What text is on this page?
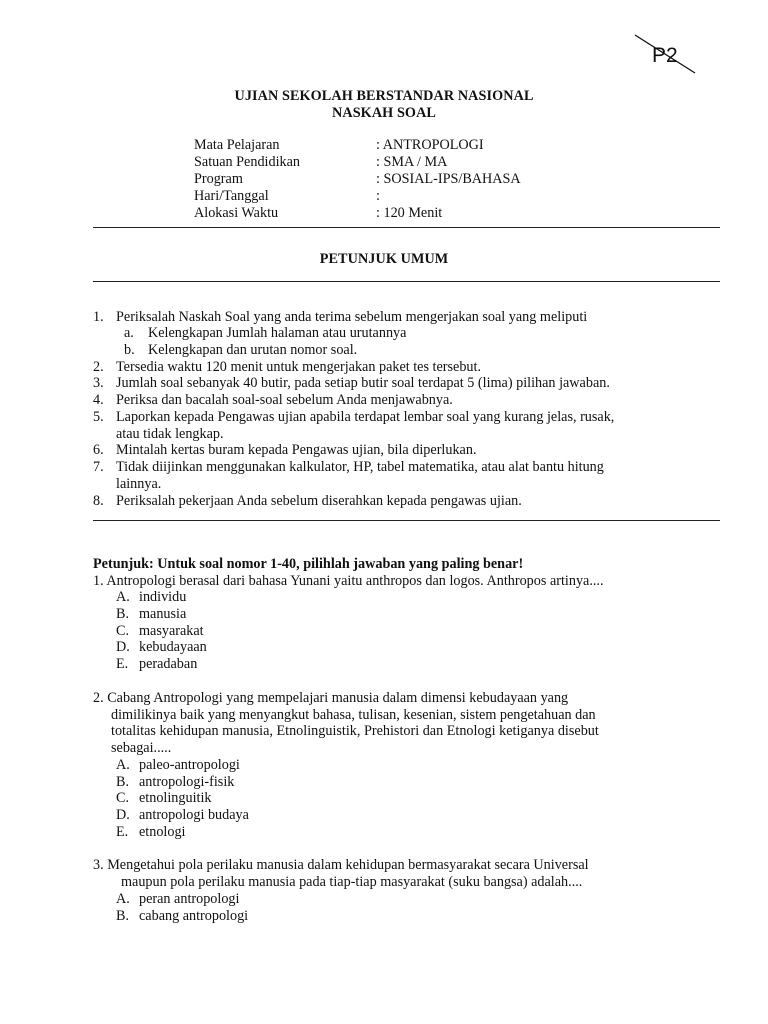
P2
UJIAN SEKOLAH BERSTANDAR NASIONAL
NASKAH SOAL
Mata Pelajaran	: ANTROPOLOGI
Satuan Pendidikan	: SMA / MA
Program	: SOSIAL-IPS/BAHASA
Hari/Tanggal	:
Alokasi Waktu	: 120 Menit
PETUNJUK UMUM
1. Periksalah Naskah Soal yang anda terima sebelum mengerjakan soal yang meliputi
a. Kelengkapan Jumlah halaman atau urutannya
b. Kelengkapan dan urutan nomor soal.
2. Tersedia waktu 120 menit untuk mengerjakan paket tes tersebut.
3. Jumlah soal sebanyak 40 butir, pada setiap butir soal terdapat 5 (lima) pilihan jawaban.
4. Periksa dan bacalah soal-soal sebelum Anda menjawabnya.
5. Laporkan kepada Pengawas ujian apabila terdapat lembar soal yang kurang jelas, rusak,
atau tidak lengkap.
6. Mintalah kertas buram kepada Pengawas ujian, bila diperlukan.
7. Tidak diijinkan menggunakan kalkulator, HP, tabel matematika, atau alat bantu hitung
lainnya.
8. Periksalah pekerjaan Anda sebelum diserahkan kepada pengawas ujian.
Petunjuk: Untuk soal nomor 1-40, pilihlah jawaban yang paling benar!
1. Antropologi berasal dari bahasa Yunani yaitu anthropos dan logos. Anthropos artinya....
A. individu
B. manusia
C. masyarakat
D. kebudayaan
E. peradaban
2. Cabang Antropologi yang mempelajari manusia dalam dimensi kebudayaan yang
dimilikinya baik yang menyangkut bahasa, tulisan, kesenian, sistem pengetahuan dan
totalitas kehidupan manusia, Etnolinguistik, Prehistori dan Etnologi ketiganya disebut
sebagai.....
A. paleo-antropologi
B. antropologi-fisik
C. etnolinguitik
D. antropologi budaya
E. etnologi
3. Mengetahui pola perilaku manusia dalam kehidupan bermasyarakat secara Universal
maupun pola perilaku manusia pada tiap-tiap masyarakat (suku bangsa) adalah....
A. peran antropologi
B. cabang antropologi
